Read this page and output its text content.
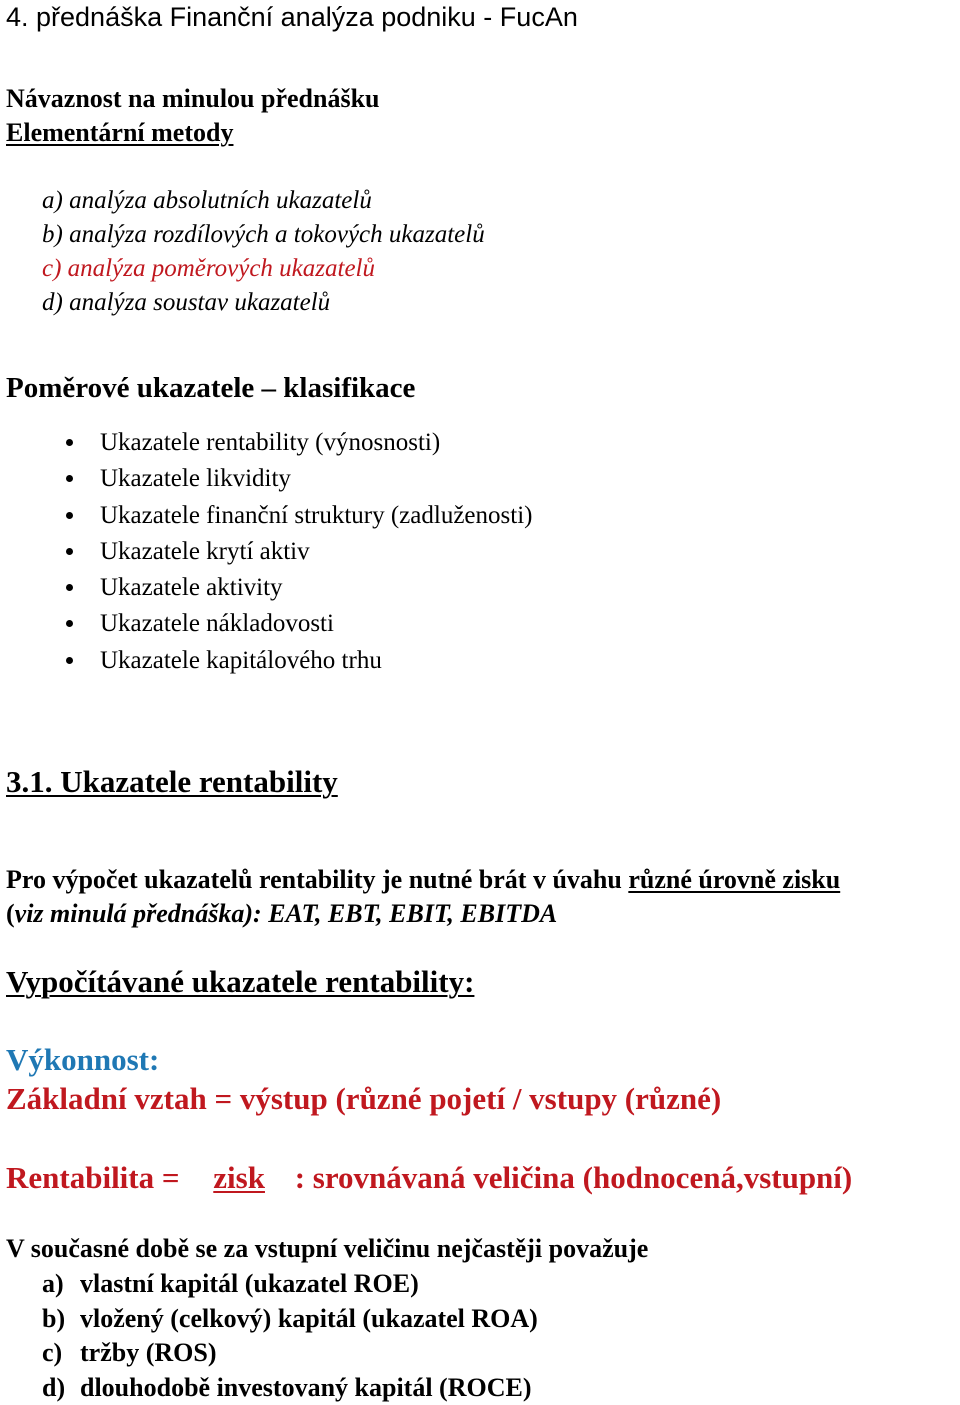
4. přednáška Finanční analýza podniku - FucAn
Návaznost na minulou přednášku
Elementární metody
a) analýza absolutních ukazatelů
b) analýza rozdílových a tokových ukazatelů
c) analýza poměrových ukazatelů
d) analýza soustav ukazatelů
Poměrové ukazatele – klasifikace
Ukazatele rentability (výnosnosti)
Ukazatele likvidity
Ukazatele finanční struktury (zadluženosti)
Ukazatele krytí aktiv
Ukazatele aktivity
Ukazatele nákladovosti
Ukazatele kapitálového trhu
3.1. Ukazatele rentability
Pro výpočet ukazatelů rentability je nutné brát v úvahu různé úrovně zisku
(viz minulá přednáška): EAT, EBT, EBIT, EBITDA
Vypočítávané ukazatele rentability:
Výkonnost:
Základní vztah = výstup (různé pojetí / vstupy (různé)
Rentabilita = zisk : srovnávaná veličina (hodnocená,vstupní)
V současné době se za vstupní veličinu nejčastěji považuje
a) vlastní kapitál (ukazatel ROE)
b) vložený (celkový) kapitál (ukazatel ROA)
c) tržby (ROS)
d) dlouhodobě investovaný kapitál (ROCE)
